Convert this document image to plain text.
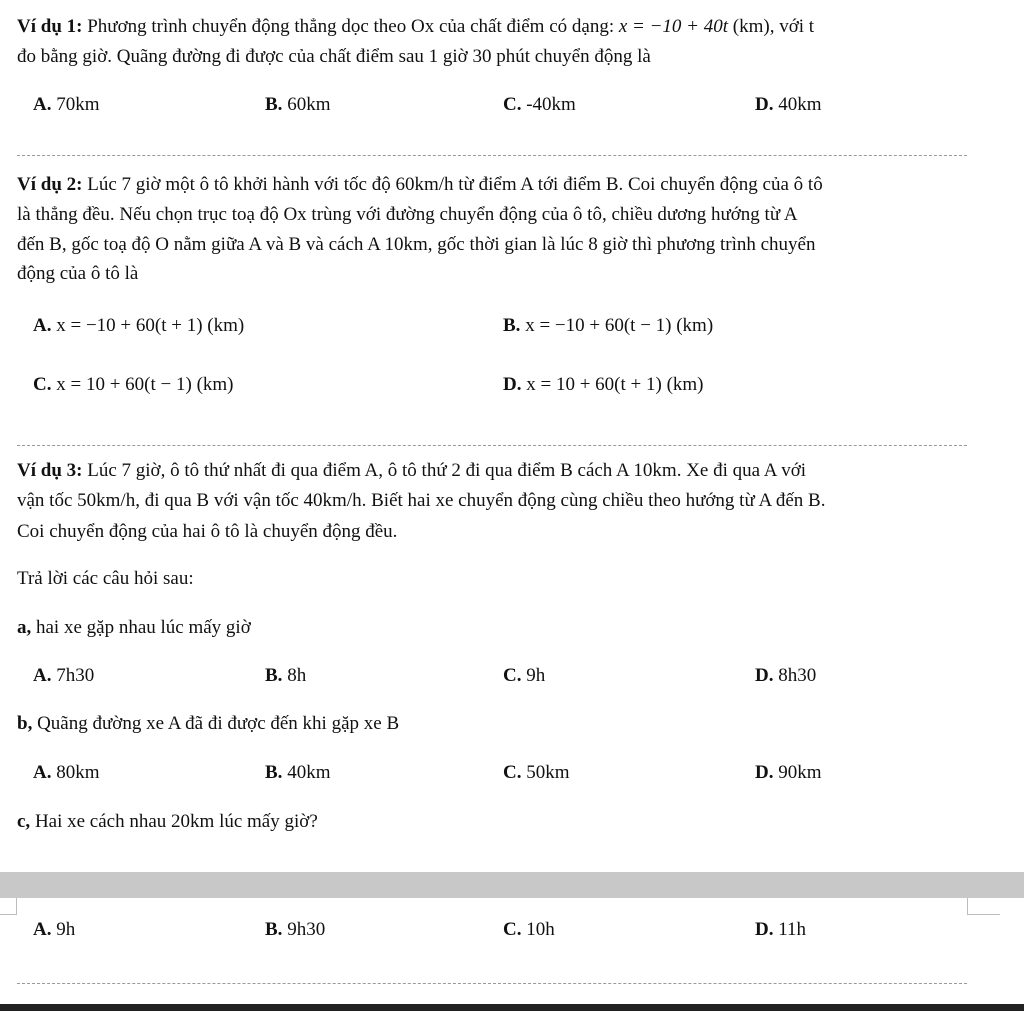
Ví dụ 1: Phương trình chuyển động thẳng dọc theo Ox của chất điểm có dạng: x = −10 + 40t (km), với t
đo bằng giờ. Quãng đường đi được của chất điểm sau 1 giờ 30 phút chuyển động là
A. 70km	B. 60km	C. -40km	D. 40km
Ví dụ 2: Lúc 7 giờ một ô tô khởi hành với tốc độ 60km/h từ điểm A tới điểm B. Coi chuyển động của ô tô
là thẳng đều. Nếu chọn trục toạ độ Ox trùng với đường chuyển động của ô tô, chiều dương hướng từ A
đến B, gốc toạ độ O nằm giữa A và B và cách A 10km, gốc thời gian là lúc 8 giờ thì phương trình chuyển
động của ô tô là
A. x = −10 + 60(t + 1) (km)	B. x = −10 + 60(t − 1) (km)
C. x = 10 + 60(t − 1) (km)	D. x = 10 + 60(t + 1) (km)
Ví dụ 3: Lúc 7 giờ, ô tô thứ nhất đi qua điểm A, ô tô thứ 2 đi qua điểm B cách A 10km. Xe đi qua A với
vận tốc 50km/h, đi qua B với vận tốc 40km/h. Biết hai xe chuyển động cùng chiều theo hướng từ A đến B.
Coi chuyển động của hai ô tô là chuyển động đều.
Trả lời các câu hỏi sau:
a, hai xe gặp nhau lúc mấy giờ
A. 7h30	B. 8h	C. 9h	D. 8h30
b, Quãng đường xe A đã đi được đến khi gặp xe B
A. 80km	B. 40km	C. 50km	D. 90km
c, Hai xe cách nhau 20km lúc mấy giờ?
A. 9h	B. 9h30	C. 10h	D. 11h
